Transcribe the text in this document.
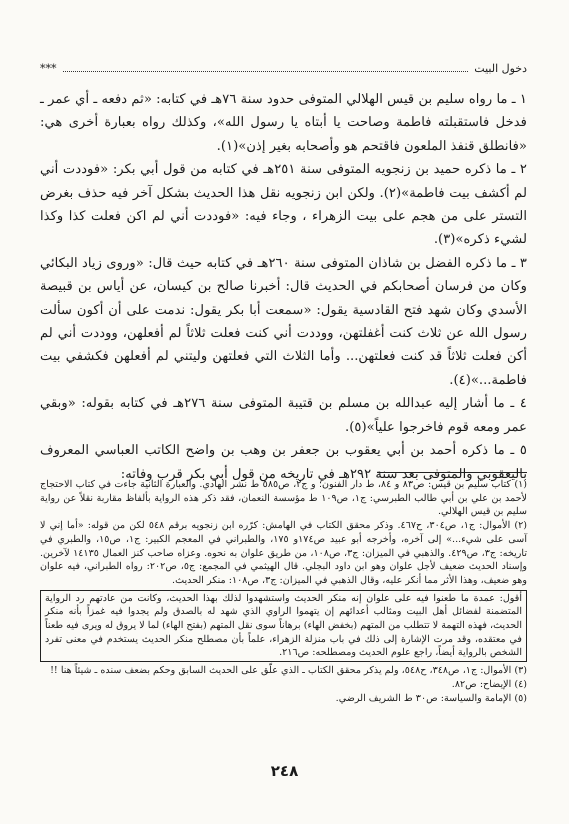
دخول البيت
***

١ ـ ما رواه سليم بن قيس الهلالي المتوفى حدود سنة ٧٦هـ في كتابه: «ثم دفعه ـ أي عمر ـ فدخل فاستقبلته فاطمة وصاحت يا أبتاه يا رسول الله»، وكذلك رواه بعبارة أخرى هي: «فانطلق قنفذ الملعون فاقتحم هو وأصحابه بغير إذن»(١).

٢ ـ ما ذكره حميد بن زنجويه المتوفى سنة ٢٥١هـ في كتابه من قول أبي بكر: «فوددت أني لم أكشف بيت فاطمة»(٢). ولكن ابن زنجويه نقل هذا الحديث بشكل آخر فيه حذف بغرض التستر على من هجم على بيت الزهراء ، وجاء فيه: «فوددت أني لم اكن فعلت كذا وكذا لشيء ذكره»(٣).

٣ ـ ما ذكره الفضل بن شاذان المتوفى سنة ٢٦٠هـ في كتابه حيث قال: «وروى زياد البكائي وكان من فرسان أصحابكم في الحديث قال: أخبرنا صالح بن كيسان، عن أياس بن قبيصة الأسدي وكان شهد فتح القادسية يقول: «سمعت أبا بكر يقول: ندمت على أن أكون سألت رسول الله عن ثلاث كنت أغفلتهن، ووددت أني كنت فعلت ثلاثاً لم أفعلهن، ووددت أني لم أكن فعلت ثلاثاً قد كنت فعلتهن... وأما الثلاث التي فعلتهن وليتني لم أفعلهن فكشفي بيت فاطمة...»(٤).

٤ ـ ما أشار إليه عبدالله بن مسلم بن قتيبة المتوفى سنة ٢٧٦هـ في كتابه بقوله: «وبقي عمر ومعه قوم فاخرجوا علياً»(٥).

٥ ـ ما ذكره أحمد بن أبي يعقوب بن جعفر بن وهب بن واضح الكاتب العباسي المعروف باليعقوبي والمتوفى بعد سنة ٢٩٢هـ في تاريخه من قول أبي بكر قرب وفاته:

(١) كتاب سليم بن قيس: ص٨٣ و ٨٤، ط دار الفنون؛ و ج٢، ص٥٨٥ ط نشر الهادي. والعبارة الثانية جاءت في كتاب الاحتجاج لأحمد بن علي بن أبي طالب الطبرسي: ج١، ص١٠٩ ط مؤسسة النعمان، فقد ذكر هذه الرواية بألفاظ مقاربة نقلاً عن رواية سليم بن قيس الهلالي.

(٢) الأموال: ج١، ص٣٠٤، ح٤٦٧. وذكر محقق الكتاب في الهامش: كرّره ابن زنجويه برقم ٥٤٨ لكن من قوله: «أما إني لا آسى على شيء...» إلى آخره، وأخرجه أبو عبيد ص١٧٤و ١٧٥، والطبراني في المعجم الكبير: ج١، ص١٥، والطبري في تاريخه: ج٣، ص٤٢٩. والذهبي في الميزان: ج٣، ص١٠٨، من طريق علوان به نحوه. وعزاه صاحب كنز العمال ١٤١٣٥ لآخرين. وإسناد الحديث ضعيف لأجل علوان وهو ابن داود البجلي. قال الهيثمي في المجمع: ج٥، ص٢٠٢: رواه الطبراني، فيه علوان وهو ضعيف، وهذا الأثر مما أنكر عليه، وقال الذهبي في الميزان: ج٣، ص١٠٨: منكر الحديث.

أقول: عمدة ما طعنوا فيه على علوان إنه منكر الحديث واستشهدوا لذلك بهذا الحديث، وكانت من عادتهم رد الرواية المتضمنة لفضائل أهل البيت ومثالب أعدائهم إن يتهموا الراوي الذي شهد له بالصدق ولم يجدوا فيه غمزاً بأنه منكر الحديث، فهذه التهمة لا تتطلب من المتهم (بخفض الهاء) برهاناً سوى نقل المتهم (بفتح الهاء) لما لا يروق له ويرى فيه طعناً في معتقده، وقد مرت الإشارة إلى ذلك في باب منزلة الزهراء، علماً بأن مصطلح منكر الحديث يستخدم في معنى تفرد الشخص بالرواية أيضاً، راجع علوم الحديث ومصطلحه: ص٢١٦.

(٣) الأموال: ج١، ص٣٤٨، ح٥٤٨، ولم يذكر محقق الكتاب ـ الذي علّق على الحديث السابق وحكم بضعف سنده ـ شيئاً هنا !!

(٤) الإيضاح: ص٨٢.

(٥) الإمامة والسياسة: ص٣٠ ط الشريف الرضي.

٢٤٨
